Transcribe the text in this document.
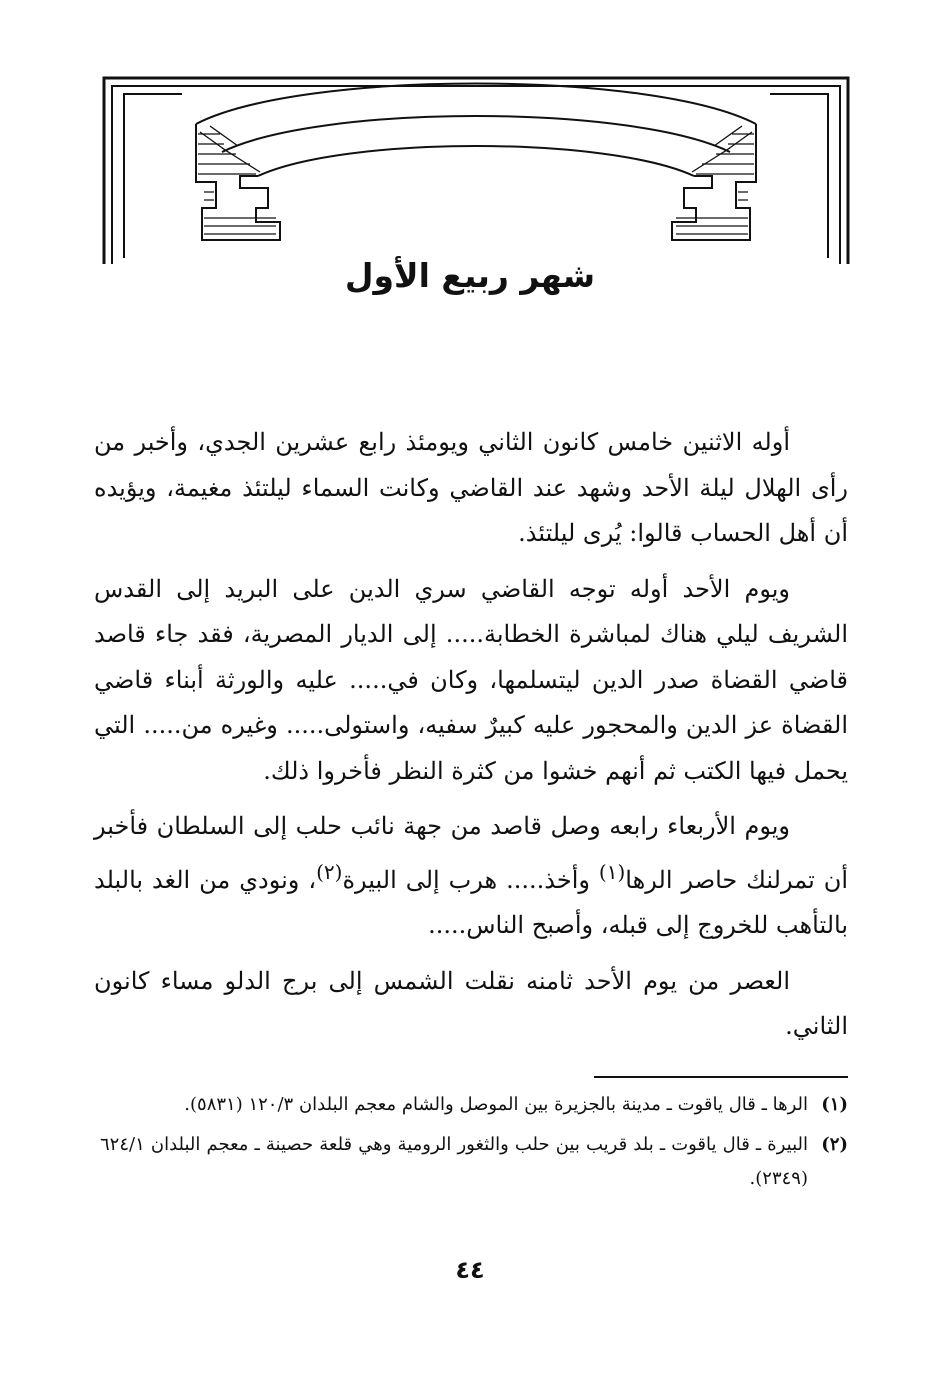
شهر ربيع الأول

أوله الاثنين خامس كانون الثاني ويومئذ رابع عشرين الجدي، وأخبر من رأى الهلال ليلة الأحد وشهد عند القاضي وكانت السماء ليلتئذ مغيمة، ويؤيده أن أهل الحساب قالوا: يُرى ليلتئذ.

ويوم الأحد أوله توجه القاضي سري الدين على البريد إلى القدس الشريف ليلي هناك لمباشرة الخطابة..... إلى الديار المصرية، فقد جاء قاصد قاضي القضاة صدر الدين ليتسلمها، وكان في..... عليه والورثة أبناء قاضي القضاة عز الدين والمحجور عليه كبيرٌ سفيه، واستولى..... وغيره من..... التي يحمل فيها الكتب ثم أنهم خشوا من كثرة النظر فأخروا ذلك.

ويوم الأربعاء رابعه وصل قاصد من جهة نائب حلب إلى السلطان فأخبر أن تمرلنك حاصر الرها$^{(١)}$ وأخذ..... هرب إلى البيرة$^{(٢)}$، ونودي من الغد بالبلد بالتأهب للخروج إلى قبله، وأصبح الناس.....

العصر من يوم الأحد ثامنه نقلت الشمس إلى برج الدلو مساء كانون الثاني.

(١)
الرها ـ قال ياقوت ـ مدينة بالجزيرة بين الموصل والشام معجم البلدان ١٢٠/٣ (٥٨٣١).
(٢)
البيرة ـ قال ياقوت ـ بلد قريب بين حلب والثغور الرومية وهي قلعة حصينة ـ معجم البلدان ٦٢٤/١ (٢٣٤٩).
٤٤
